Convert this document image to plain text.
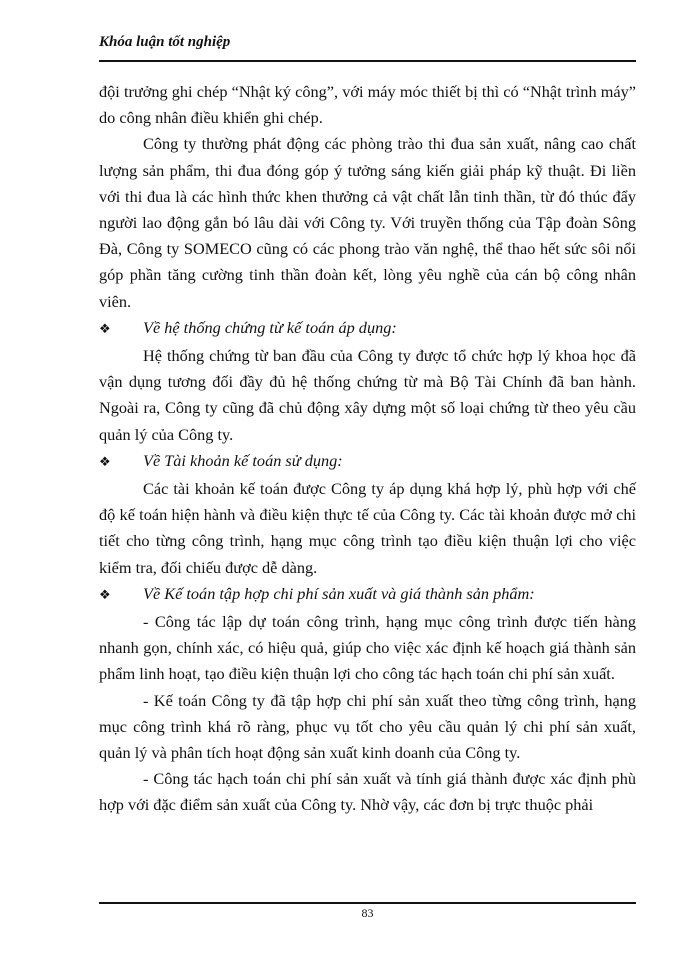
Khóa luận tốt nghiệp

đội trưởng ghi chép “Nhật ký công”, với máy móc thiết bị thì có “Nhật trình máy” do công nhân điều khiển ghi chép.

Công ty thường phát động các phòng trào thi đua sản xuất, nâng cao chất lượng sản phẩm, thi đua đóng góp ý tưởng sáng kiến giải pháp kỹ thuật. Đi liền với thi đua là các hình thức khen thưởng cả vật chất lẫn tinh thần, từ đó thúc đẩy người lao động gắn bó lâu dài với Công ty. Với truyền thống của Tập đoàn Sông Đà, Công ty SOMECO cũng có các phong trào văn nghệ, thể thao hết sức sôi nổi góp phần tăng cường tinh thần đoàn kết, lòng yêu nghề của cán bộ công nhân viên.

❖	Về hệ thống chứng từ kế toán áp dụng:

Hệ thống chứng từ ban đầu của Công ty được tổ chức hợp lý khoa học đã vận dụng tương đối đầy đủ hệ thống chứng từ mà Bộ Tài Chính đã ban hành. Ngoài ra, Công ty cũng đã chủ động xây dựng một số loại chứng từ theo yêu cầu quản lý của Công ty.

❖	Về Tài khoản kế toán sử dụng:

Các tài khoản kế toán được Công ty áp dụng khá hợp lý, phù hợp với chế độ kế toán hiện hành và điều kiện thực tế của Công ty. Các tài khoản được mở chi tiết cho từng công trình, hạng mục công trình tạo điều kiện thuận lợi cho việc kiểm tra, đối chiếu được dễ dàng.

❖	Về Kế toán tập hợp chi phí sản xuất và giá thành sản phẩm:

- Công tác lập dự toán công trình, hạng mục công trình được tiến hàng nhanh gọn, chính xác, có hiệu quả, giúp cho việc xác định kế hoạch giá thành sản phẩm linh hoạt, tạo điều kiện thuận lợi cho công tác hạch toán chi phí sản xuất.

- Kế toán Công ty đã tập hợp chi phí sản xuất theo từng công trình, hạng mục công trình khá rõ ràng, phục vụ tốt cho yêu cầu quản lý chi phí sản xuất, quản lý và phân tích hoạt động sản xuất kinh doanh của Công ty.

- Công tác hạch toán chi phí sản xuất và tính giá thành được xác định phù hợp với đặc điểm sản xuất của Công ty. Nhờ vậy, các đơn bị trực thuộc phải

83
